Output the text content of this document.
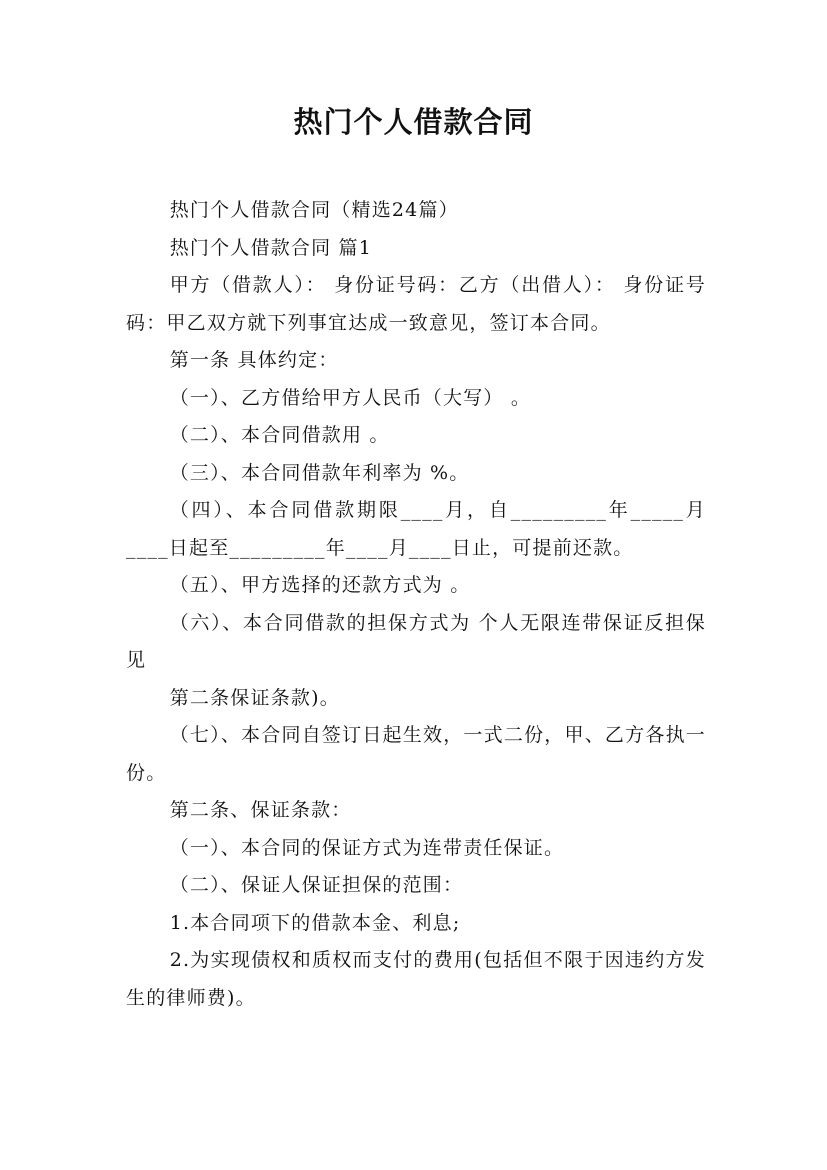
热门个人借款合同

热门个人借款合同（精选24篇）

热门个人借款合同 篇1

甲方（借款人）： 身份证号码：乙方（出借人）： 身份证号码：甲乙双方就下列事宜达成一致意见，签订本合同。

第一条 具体约定：

（一）、乙方借给甲方人民币（大写） 。

（二）、本合同借款用 。

（三）、本合同借款年利率为 %。

（四）、本合同借款期限____月，自_________年_____月____日起至_________年____月____日止，可提前还款。

（五）、甲方选择的还款方式为 。

（六）、本合同借款的担保方式为 个人无限连带保证反担保 见

第二条保证条款)。

（七）、本合同自签订日起生效，一式二份，甲、乙方各执一份。

第二条、保证条款：

（一）、本合同的保证方式为连带责任保证。

（二）、保证人保证担保的范围：

1.本合同项下的借款本金、利息;

2.为实现债权和质权而支付的费用(包括但不限于因违约方发生的律师费)。
